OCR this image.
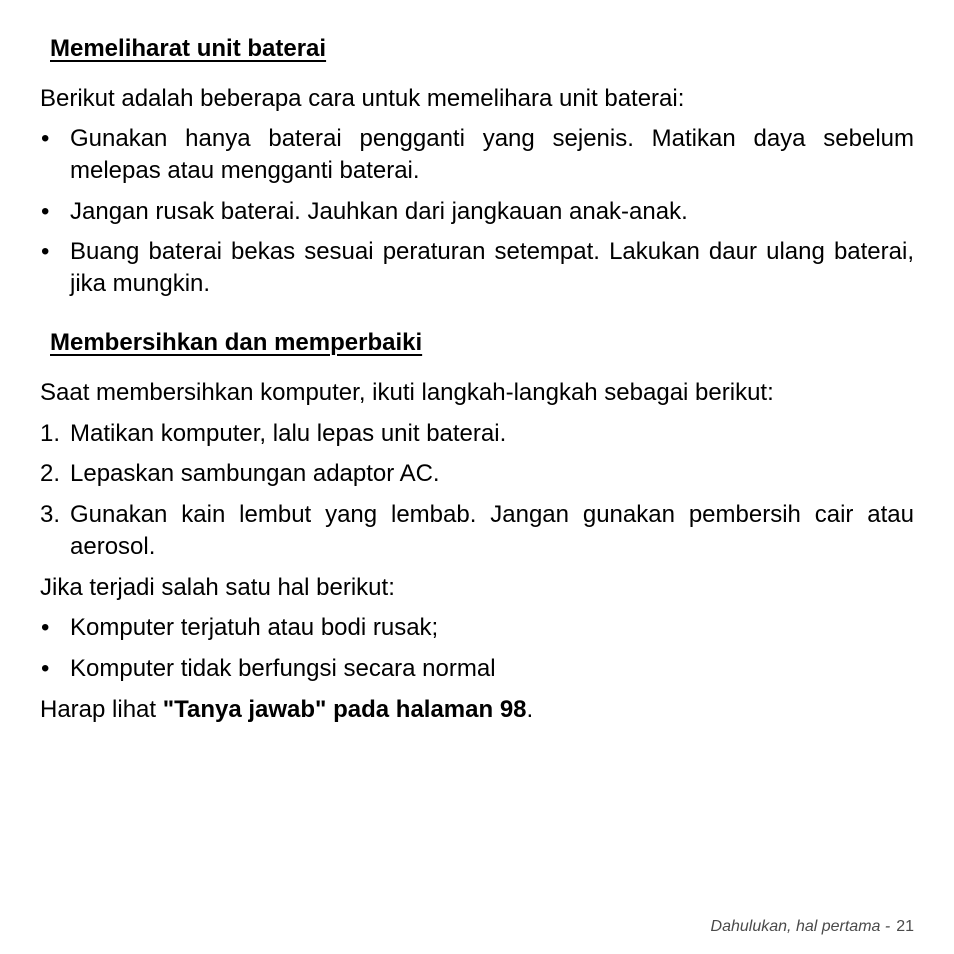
Memeliharat unit baterai

Berikut adalah beberapa cara untuk memelihara unit baterai:

• Gunakan hanya baterai pengganti yang sejenis. Matikan daya sebelum melepas atau mengganti baterai.
• Jangan rusak baterai. Jauhkan dari jangkauan anak-anak.
• Buang baterai bekas sesuai peraturan setempat. Lakukan daur ulang baterai, jika mungkin.
Membersihkan dan memperbaiki

Saat membersihkan komputer, ikuti langkah-langkah sebagai berikut:

1. Matikan komputer, lalu lepas unit baterai.
2. Lepaskan sambungan adaptor AC.
3. Gunakan kain lembut yang lembab. Jangan gunakan pembersih cair atau aerosol.

Jika terjadi salah satu hal berikut:

• Komputer terjatuh atau bodi rusak;
• Komputer tidak berfungsi secara normal

Harap lihat "Tanya jawab" pada halaman 98.

Dahulukan, hal pertama - 21
